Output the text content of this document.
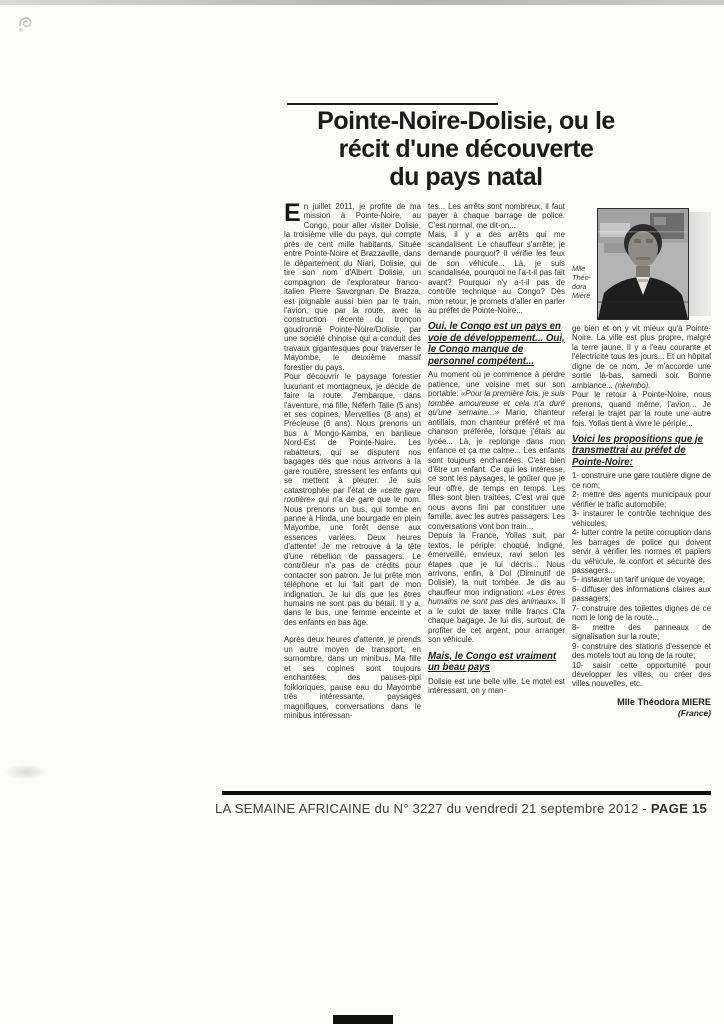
Pointe-Noire-Dolisie, ou le
récit d'une découverte
du pays natal

En juillet 2011, je profite de ma mission à Pointe-Noire, au Congo, pour aller visiter Dolisie, la troisième ville du pays, qui compte près de cent mille habitants. Située entre Pointe-Noire et Brazzaville, dans le département du Niari, Dolisie, qui tire son nom d'Albert Dolisie, un compagnon de l'explorateur franco-italien Pierre Savorgnan De Brazza, est joignable aussi bien par le train, l'avion, que par la route, avec la construction récente du tronçon goudronné Pointe-Noire/Dolisie, par une société chinoise qui a conduit des travaux gigantesques pour traverser le Mayombe, le deuxième massif forestier du pays.

Pour découvrir le paysage forestier luxuriant et montagneux, je décide de faire la route. J'embarque, dans l'aventure, ma fille, Néferh Talie (5 ans) et ses copines, Mervellies (8 ans) et Précieuse (6 ans). Nous prenons un bus à Mongo-Kamba, en banlieue Nord-Est de Pointe-Noire. Les rabatteurs, qui se disputent nos bagages dès que nous arrivons à la gare routière, stressent les enfants qui se mettent à pleurer. Je suis catastrophée par l'état de «cette gare routière» qui n'a de gare que le nom. Nous prenons un bus, qui tombe en panne à Hinda, une bourgade en plein Mayombe, une forêt dense aux essences variées. Deux heures d'attente! Je me retrouve à la tête d'une rébellion de passagers. Le contrôleur n'a pas de crédits pour contacter son patron. Je lui prête mon téléphone et lui fait part de mon indignation. Je lui dis que les êtres humains ne sont pas du bétail. Il y a, dans le bus, une femme enceinte et des enfants en bas âge.

Après deux heures d'attente, je prends un autre moyen de transport, en surnombre, dans un minibus. Ma fille et ses copines sont toujours enchantées; des pauses-pipi folkloriques, pause eau du Mayombe très intéressante, paysages magnifiques, conversations dans le minibus intéressan-

tes... Les arrêts sont nombreux, il faut payer à chaque barrage de police. C'est normal, me dit-on...

Mais, il y a des arrêts qui me scandalisent. Le chauffeur s'arrête; je demande pourquoi? Il vérifie les feux de son véhicule... Là, je suis scandalisée, pourquoi ne l'a-t-il pas fait avant? Pourquoi n'y a-t-il pas de contrôle technique au Congo? Dès mon retour, je promets d'aller en parler au préfet de Pointe-Noire...

Oui, le Congo est un pays en voie de développement... Oui, le Congo manque de personnel compétent...

Au moment où je commence à perdre patience, une voisine met sur son portable: «Pour la première fois, je suis tombée amoureuse et cela n'a duré qu'une semaine...» Mario, chanteur antillais, mon chanteur préféré et ma chanson préférée, lorsque j'étais au lycée... Là, je replonge dans mon enfance et ça me calme... Les enfants sont toujours enchantées. C'est bien d'être un enfant. Ce qui les intéresse, ce sont les paysages, le goûter que je leur offre, de temps en temps. Les filles sont bien traitées. C'est vrai que nous avons fini par constituer une famille, avec les autres passagers. Les conversations vont bon train...

Depuis la France, Yollas suit, par textos, le périple: choqué, indigné, émerveillé, envieux, ravi selon les étapes que je lui décris... Nous arrivons, enfin, à Dol (Diminutif de Dolisie), la nuit tombée. Je dis au chauffeur mon indignation: «Les êtres humains ne sont pas des animaux». Il a le culot de taxer mille francs Cfa chaque bagage. Je lui dis, surtout, de profiter de cet argent, pour arranger son véhicule.

Mais, le Congo est vraiment un beau pays

Dolisie est une belle ville. Le motel est intéressant, on y man-

Mlle
Théo-
dora
Miéré

ge bien et on y vit mieux qu'à Pointe-Noire. La ville est plus propre, malgré la terre jaune. Il y a l'eau courante et l'électricité tous les jours... Et un hôpital digne de ce nom. Je m'accorde une sortie là-bas, samedi soir. Bonne ambiance... (nkembo).

Pour le retour à Pointe-Noire, nous prenons, quand même, l'avion... Je referai le trajet par la route une autre fois. Yollas tient à vivre le périple...

Voici les propositions que je transmettrai au préfet de Pointe-Noire:

1- construire une gare routière digne de ce nom;

2- mettre des agents municipaux pour vérifier le trafic automobile;

3- instaurer le contrôle technique des véhicules;

4- lutter contre la petite corruption dans les barrages de police qui doivent servir à vérifier les normes et papiers du véhicule, le confort et sécurité des passagers...

5- instaurer un tarif unique de voyage;

6- diffuser des informations claires aux passagers;

7- construire des toilettes dignes de ce nom le long de la route...

8- mettre des panneaux de signalisation sur la route;

9- construire des stations d'essence et des motels tout au long de la route;

10- saisir cette opportunité pour développer les villes, ou créer des villes nouvelles, etc.

Mlle Théodora MIERE
(France)
LA SEMAINE AFRICAINE du N° 3227 du vendredi 21 septembre 2012 - PAGE 15
